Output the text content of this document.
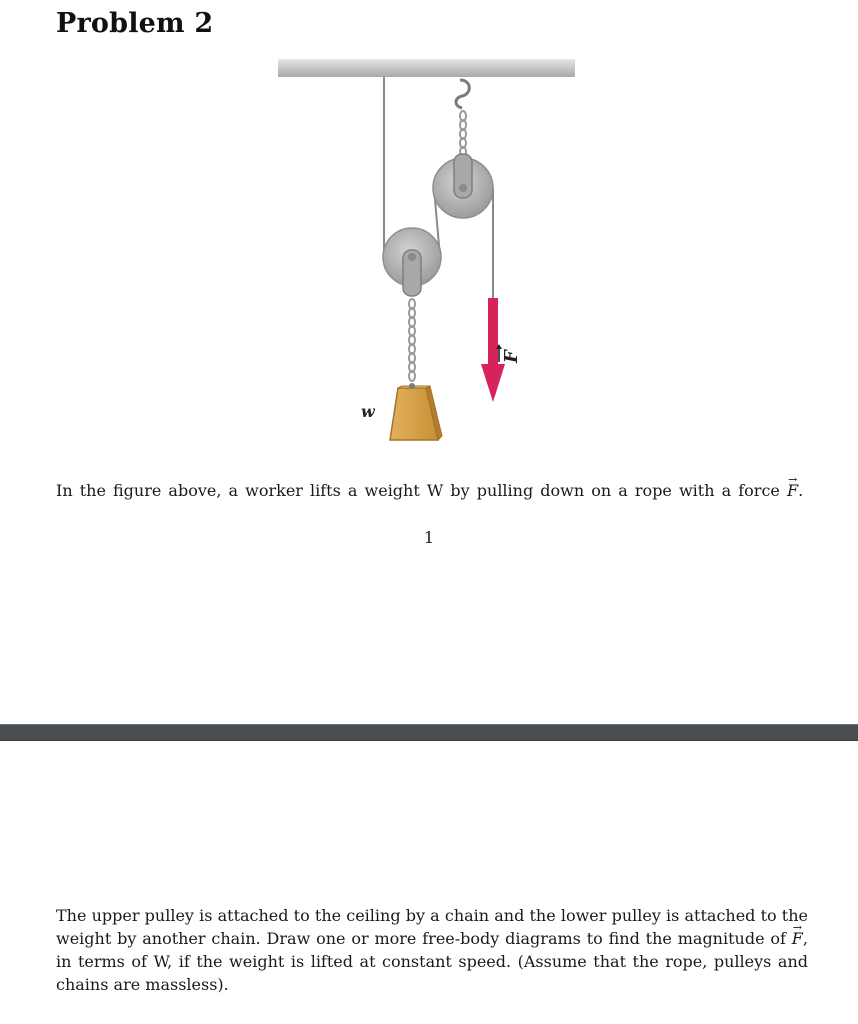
Problem 2
w
F

In the figure above, a worker lifts a weight W by pulling down on a rope with a force → F.

1

The upper pulley is attached to the ceiling by a chain and the lower pulley is attached to the weight by another chain. Draw one or more free-body diagrams to find the magnitude of → F, in terms of W, if the weight is lifted at constant speed. (Assume that the rope, pulleys and chains are massless).
